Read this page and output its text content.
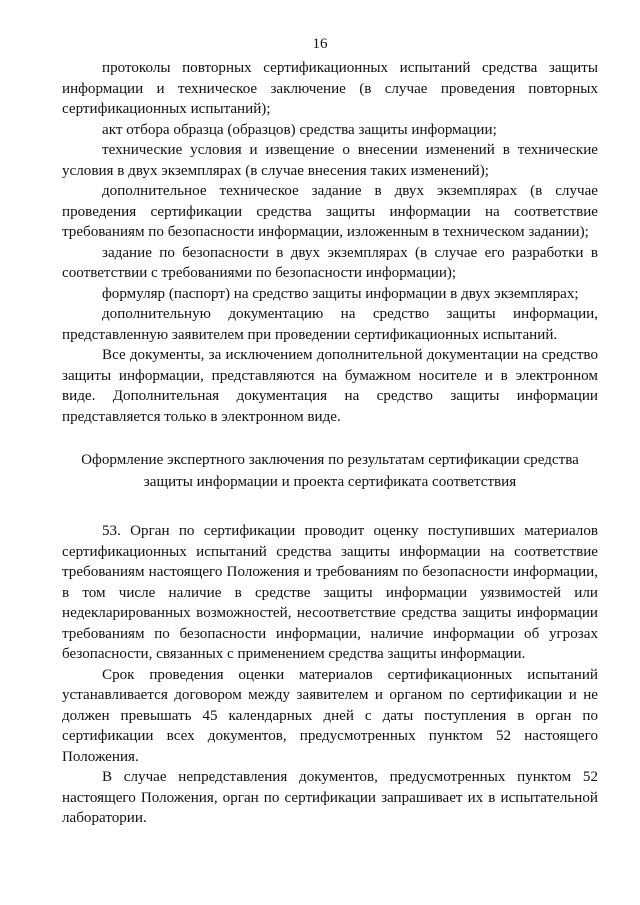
16

протоколы повторных сертификационных испытаний средства защиты информации и техническое заключение (в случае проведения повторных сертификационных испытаний);

акт отбора образца (образцов) средства защиты информации;

технические условия и извещение о внесении изменений в технические условия в двух экземплярах (в случае внесения таких изменений);

дополнительное техническое задание в двух экземплярах (в случае проведения сертификации средства защиты информации на соответствие требованиям по безопасности информации, изложенным в техническом задании);

задание по безопасности в двух экземплярах (в случае его разработки в соответствии с требованиями по безопасности информации);

формуляр (паспорт) на средство защиты информации в двух экземплярах;

дополнительную документацию на средство защиты информации, представленную заявителем при проведении сертификационных испытаний.

Все документы, за исключением дополнительной документации на средство защиты информации, представляются на бумажном носителе и в электронном виде. Дополнительная документация на средство защиты информации представляется только в электронном виде.

Оформление экспертного заключения по результатам сертификации средства
защиты информации и проекта сертификата соответствия

53. Орган по сертификации проводит оценку поступивших материалов сертификационных испытаний средства защиты информации на соответствие требованиям настоящего Положения и требованиям по безопасности информации, в том числе наличие в средстве защиты информации уязвимостей или недекларированных возможностей, несоответствие средства защиты информации требованиям по безопасности информации, наличие информации об угрозах безопасности, связанных с применением средства защиты информации.

Срок проведения оценки материалов сертификационных испытаний устанавливается договором между заявителем и органом по сертификации и не должен превышать 45 календарных дней с даты поступления в орган по сертификации всех документов, предусмотренных пунктом 52 настоящего Положения.

В случае непредставления документов, предусмотренных пунктом 52 настоящего Положения, орган по сертификации запрашивает их в испытательной лаборатории.
